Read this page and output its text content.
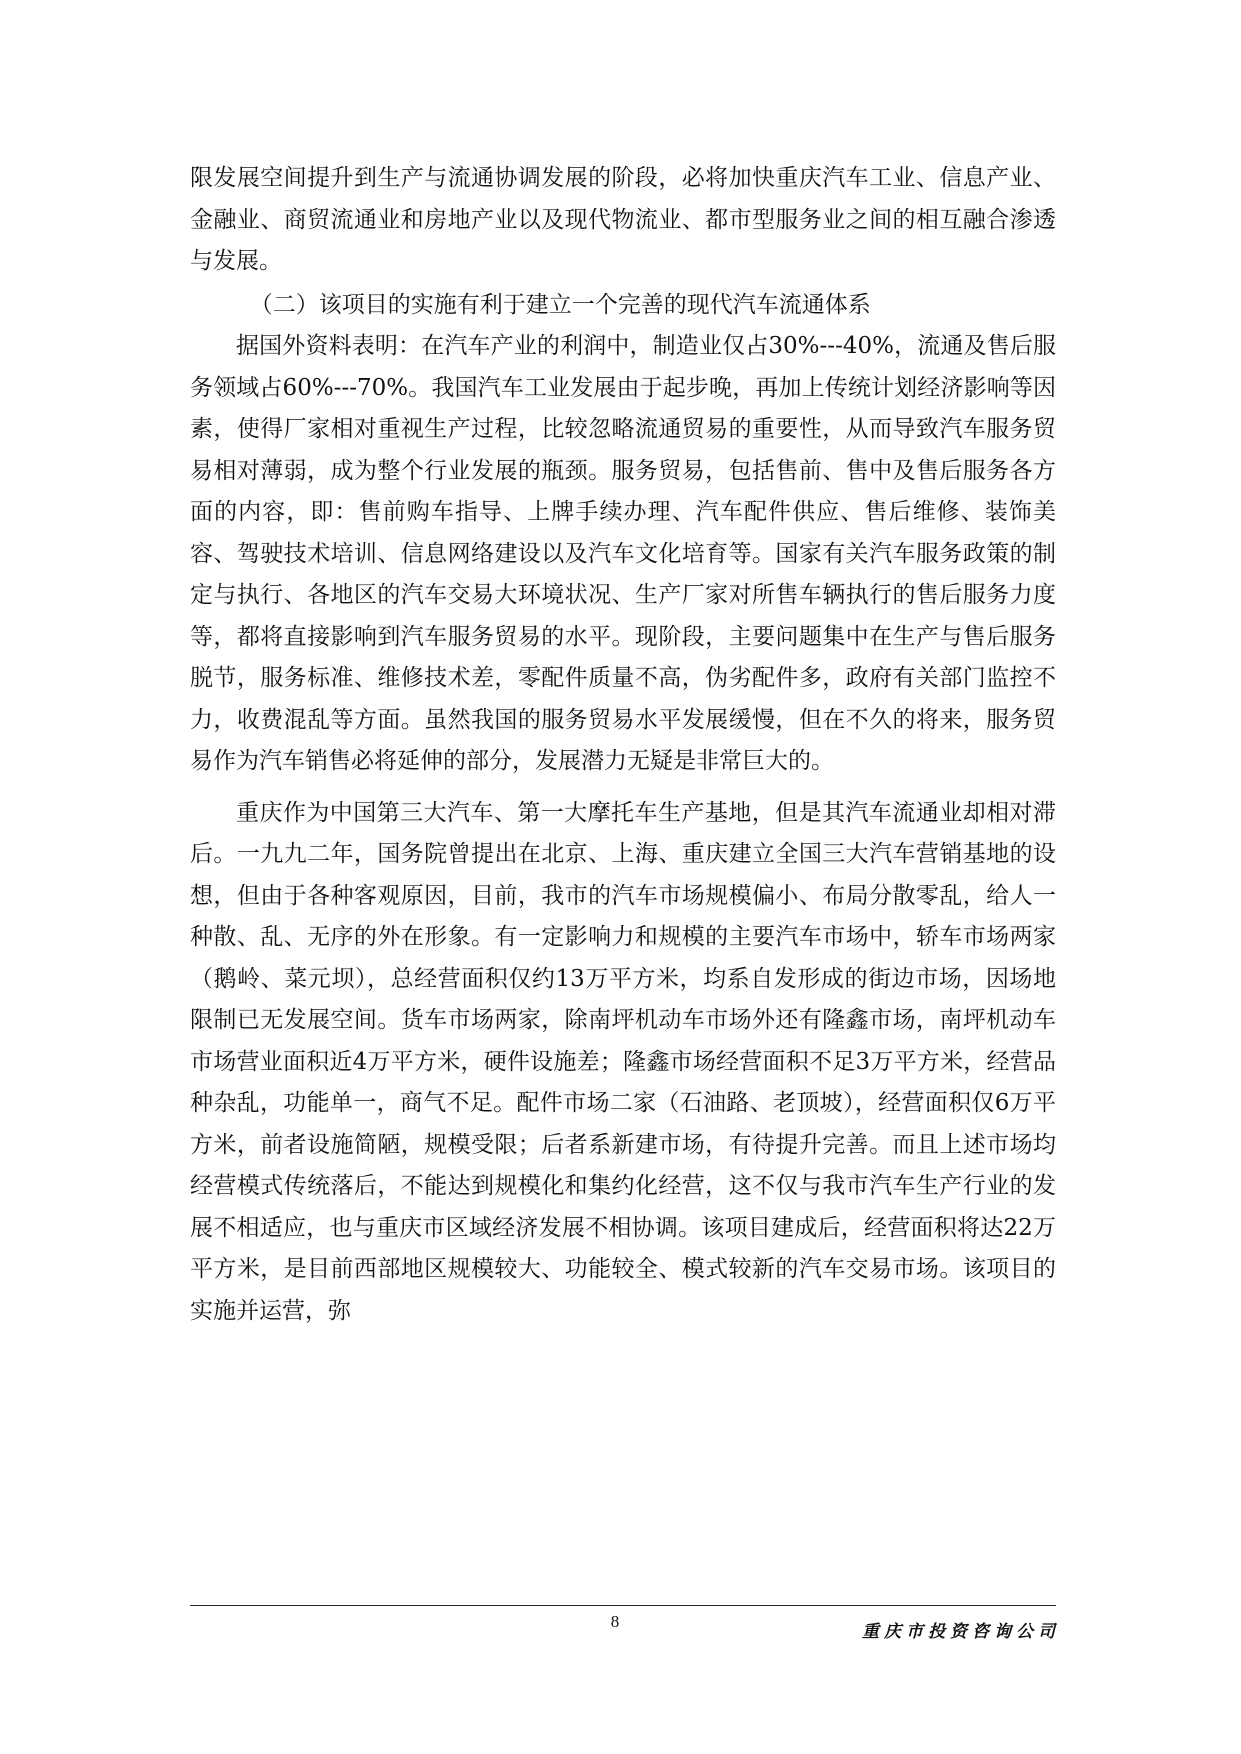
限发展空间提升到生产与流通协调发展的阶段，必将加快重庆汽车工业、信息产业、金融业、商贸流通业和房地产业以及现代物流业、都市型服务业之间的相互融合渗透与发展。

（二）该项目的实施有利于建立一个完善的现代汽车流通体系

据国外资料表明：在汽车产业的利润中，制造业仅占30%---40%，流通及售后服务领域占60%---70%。我国汽车工业发展由于起步晚，再加上传统计划经济影响等因素，使得厂家相对重视生产过程，比较忽略流通贸易的重要性，从而导致汽车服务贸易相对薄弱，成为整个行业发展的瓶颈。服务贸易，包括售前、售中及售后服务各方面的内容，即：售前购车指导、上牌手续办理、汽车配件供应、售后维修、装饰美容、驾驶技术培训、信息网络建设以及汽车文化培育等。国家有关汽车服务政策的制定与执行、各地区的汽车交易大环境状况、生产厂家对所售车辆执行的售后服务力度等，都将直接影响到汽车服务贸易的水平。现阶段，主要问题集中在生产与售后服务脱节，服务标准、维修技术差，零配件质量不高，伪劣配件多，政府有关部门监控不力，收费混乱等方面。虽然我国的服务贸易水平发展缓慢，但在不久的将来，服务贸易作为汽车销售必将延伸的部分，发展潜力无疑是非常巨大的。

重庆作为中国第三大汽车、第一大摩托车生产基地，但是其汽车流通业却相对滞后。一九九二年，国务院曾提出在北京、上海、重庆建立全国三大汽车营销基地的设想，但由于各种客观原因，目前，我市的汽车市场规模偏小、布局分散零乱，给人一种散、乱、无序的外在形象。有一定影响力和规模的主要汽车市场中，轿车市场两家（鹅岭、菜元坝），总经营面积仅约13万平方米，均系自发形成的街边市场，因场地限制已无发展空间。货车市场两家，除南坪机动车市场外还有隆鑫市场，南坪机动车市场营业面积近4万平方米，硬件设施差；隆鑫市场经营面积不足3万平方米，经营品种杂乱，功能单一，商气不足。配件市场二家（石油路、老顶坡），经营面积仅6万平方米，前者设施简陋，规模受限；后者系新建市场，有待提升完善。而且上述市场均经营模式传统落后，不能达到规模化和集约化经营，这不仅与我市汽车生产行业的发展不相适应，也与重庆市区域经济发展不相协调。该项目建成后，经营面积将达22万平方米，是目前西部地区规模较大、功能较全、模式较新的汽车交易市场。该项目的实施并运营，弥

8
重庆市投资咨询公司
